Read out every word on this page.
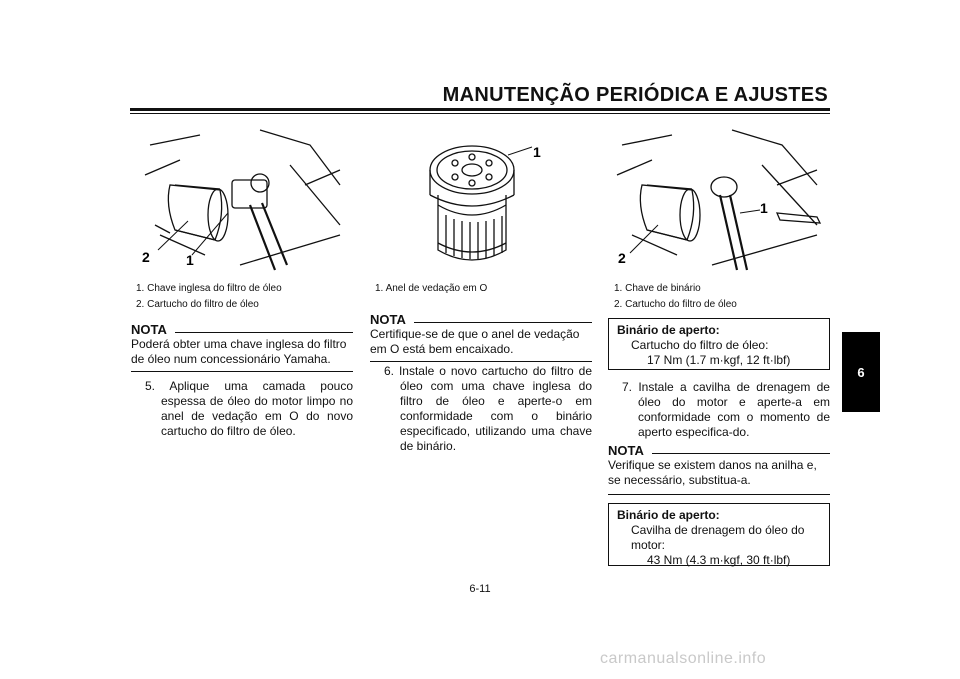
MANUTENÇÃO PERIÓDICA E AJUSTES
6
2	1
1
1
2
1. Chave inglesa do filtro de óleo
2. Cartucho do filtro de óleo
NOTA
Poderá obter uma chave inglesa do filtro de óleo num concessionário Yamaha.
5. Aplique uma camada pouco espessa de óleo do motor limpo no anel de vedação em O do novo cartucho do filtro de óleo.
1. Anel de vedação em O
NOTA
Certifique-se de que o anel de vedação em O está bem encaixado.
6. Instale o novo cartucho do filtro de óleo com uma chave inglesa do filtro de óleo e aperte-o em conformidade com o binário especificado, utilizando uma chave de binário.
1. Chave de binário
2. Cartucho do filtro de óleo
Binário de aperto:
Cartucho do filtro de óleo:
17 Nm (1.7 m·kgf, 12 ft·lbf)
7. Instale a cavilha de drenagem de óleo do motor e aperte-a em conformidade com o momento de aperto especifica-do.
NOTA
Verifique se existem danos na anilha e, se necessário, substitua-a.
Binário de aperto:
Cavilha de drenagem do óleo do
motor:
43 Nm (4.3 m·kgf, 30 ft·lbf)
6-11
carmanualsonline.info
